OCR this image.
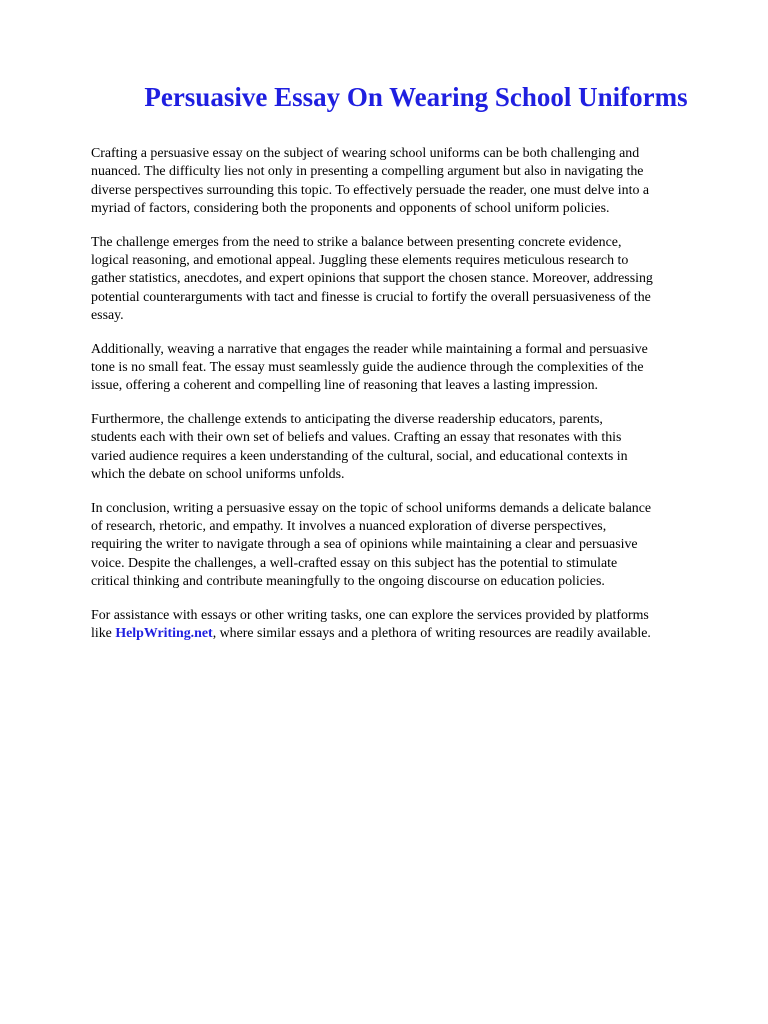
Persuasive Essay On Wearing School Uniforms

Crafting a persuasive essay on the subject of wearing school uniforms can be both challenging and
nuanced. The difficulty lies not only in presenting a compelling argument but also in navigating the
diverse perspectives surrounding this topic. To effectively persuade the reader, one must delve into a
myriad of factors, considering both the proponents and opponents of school uniform policies.

The challenge emerges from the need to strike a balance between presenting concrete evidence,
logical reasoning, and emotional appeal. Juggling these elements requires meticulous research to
gather statistics, anecdotes, and expert opinions that support the chosen stance. Moreover, addressing
potential counterarguments with tact and finesse is crucial to fortify the overall persuasiveness of the
essay.

Additionally, weaving a narrative that engages the reader while maintaining a formal and persuasive
tone is no small feat. The essay must seamlessly guide the audience through the complexities of the
issue, offering a coherent and compelling line of reasoning that leaves a lasting impression.

Furthermore, the challenge extends to anticipating the diverse readership educators, parents,
students each with their own set of beliefs and values. Crafting an essay that resonates with this
varied audience requires a keen understanding of the cultural, social, and educational contexts in
which the debate on school uniforms unfolds.

In conclusion, writing a persuasive essay on the topic of school uniforms demands a delicate balance
of research, rhetoric, and empathy. It involves a nuanced exploration of diverse perspectives,
requiring the writer to navigate through a sea of opinions while maintaining a clear and persuasive
voice. Despite the challenges, a well-crafted essay on this subject has the potential to stimulate
critical thinking and contribute meaningfully to the ongoing discourse on education policies.

For assistance with essays or other writing tasks, one can explore the services provided by platforms
like HelpWriting.net, where similar essays and a plethora of writing resources are readily available.
